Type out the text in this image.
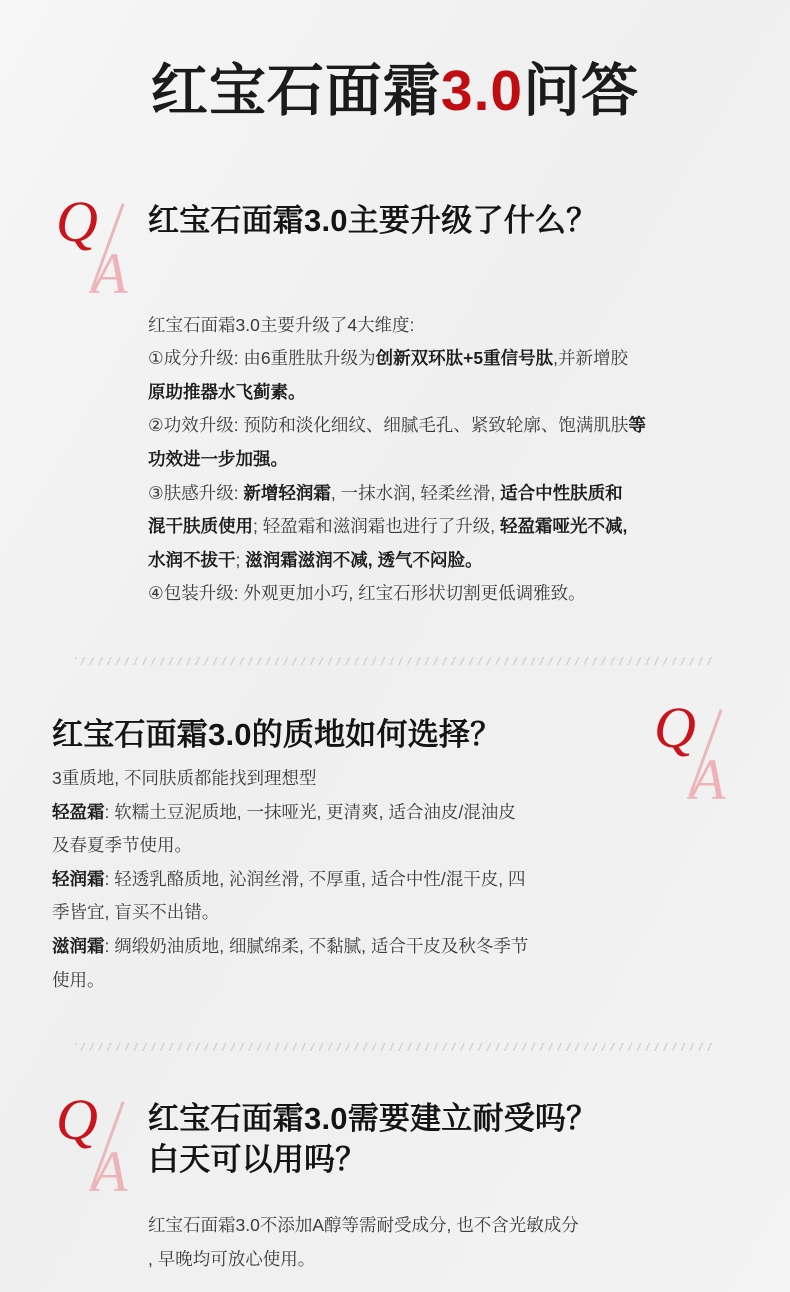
红宝石面霜3.0问答
Q
A
红宝石面霜3.0主要升级了什么？

红宝石面霜3.0主要升级了4大维度:

①成分升级: 由6重胜肽升级为创新双环肽+5重信号肽,并新增胶

原助推器水飞蓟素。

②功效升级: 预防和淡化细纹、细腻毛孔、紧致轮廓、饱满肌肤等

功效进一步加强。

③肤感升级: 新增轻润霜, 一抹水润, 轻柔丝滑, 适合中性肤质和

混干肤质使用; 轻盈霜和滋润霜也进行了升级, 轻盈霜哑光不减,

水润不拔干; 滋润霜滋润不减, 透气不闷脸。

④包装升级: 外观更加小巧, 红宝石形状切割更低调雅致。

红宝石面霜3.0的质地如何选择？	Q
A

3重质地, 不同肤质都能找到理想型

轻盈霜: 软糯土豆泥质地, 一抹哑光, 更清爽, 适合油皮/混油皮

及春夏季节使用。

轻润霜: 轻透乳酪质地, 沁润丝滑, 不厚重, 适合中性/混干皮, 四

季皆宜, 盲买不出错。

滋润霜: 绸缎奶油质地, 细腻绵柔, 不黏腻, 适合干皮及秋冬季节

使用。

Q
A
红宝石面霜3.0需要建立耐受吗？
白天可以用吗？

红宝石面霜3.0不添加A醇等需耐受成分, 也不含光敏成分

, 早晚均可放心使用。
